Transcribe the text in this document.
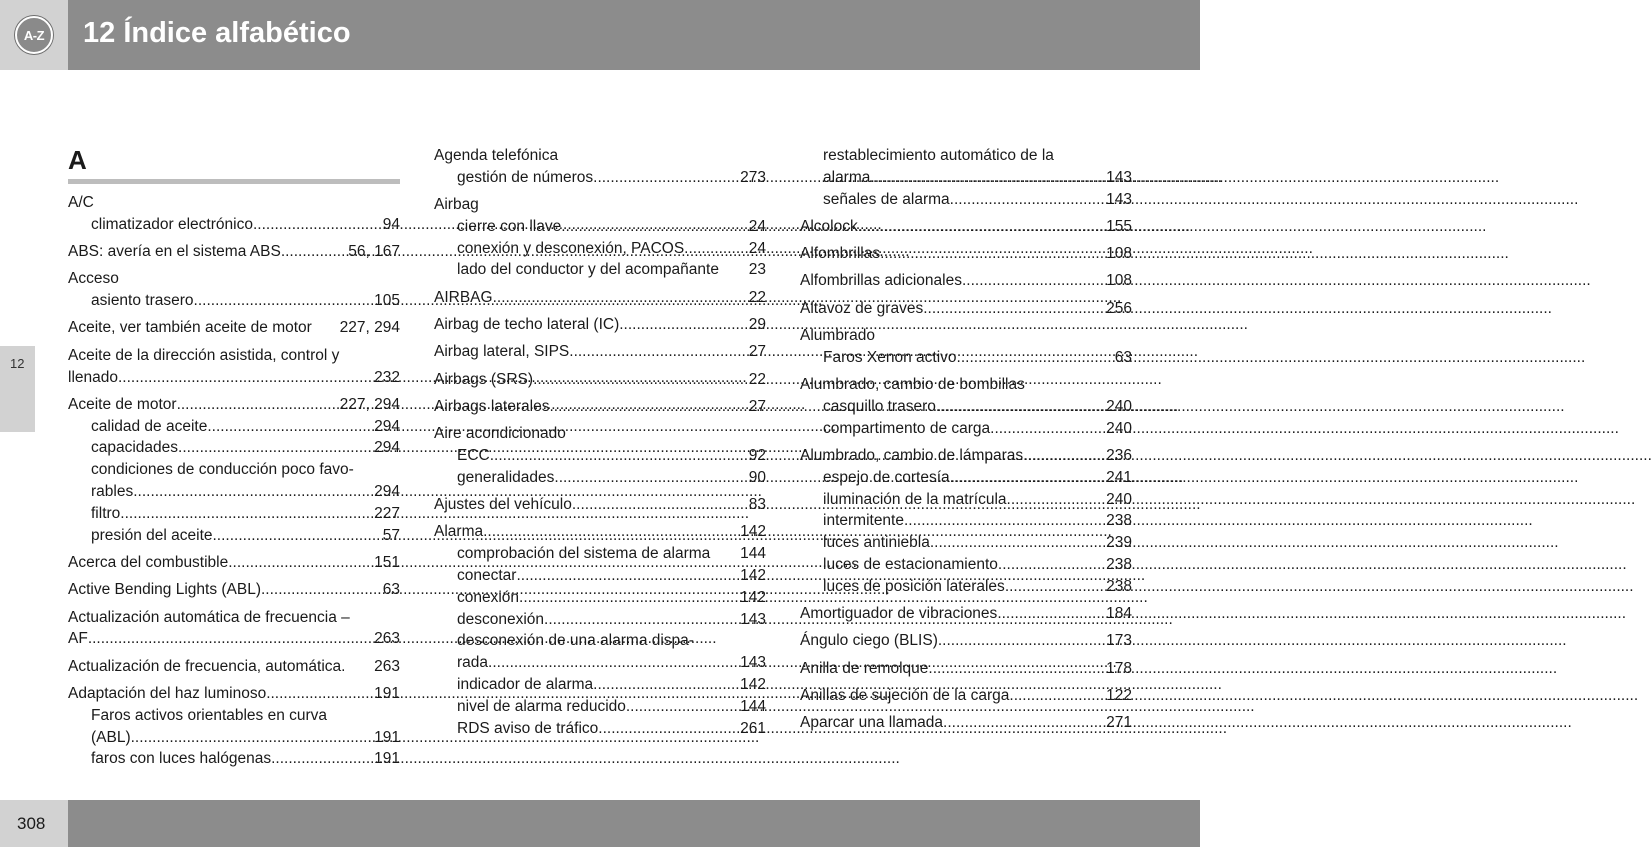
A-Z	12 Índice alfabético
12
A
A/C
climatizador electrónico .....	94
ABS: avería en el sistema ABS .....	56, 167
Acceso
asiento trasero .....	105
Aceite, ver también aceite de motor	227, 294
Aceite de la dirección asistida, control y
llenado .....	232
Aceite de motor .....	227, 294
calidad de aceite .....	294
capacidades .....	294
condiciones de conducción poco favo-
rables .....	294
filtro .....	227
presión del aceite .....	57
Acerca del combustible .....	151
Active Bending Lights (ABL) .....	63
Actualización automática de frecuencia –
AF .....	263
Actualización de frecuencia, automática.	263
Adaptación del haz luminoso .....	191
Faros activos orientables en curva
(ABL) .....	191
faros con luces halógenas .....	191
Agenda telefónica
gestión de números .....	273
Airbag
cierre con llave .....	24
conexión y desconexión, PACOS .....	24
lado del conductor y del acompañante	23
AIRBAG .....	22
Airbag de techo lateral (IC) .....	29
Airbag lateral, SIPS .....	27
Airbags (SRS) .....	22
Airbags laterales .....	27
Aire acondicionado
ECC .....	92
generalidades .....	90
Ajustes del vehículo .....	83
Alarma .....	142
comprobación del sistema de alarma	144
conectar .....	142
conexión .....	142
desconexión .....	143
desconexión de una alarma dispa-
rada .....	143
indicador de alarma .....	142
nivel de alarma reducido .....	144
RDS aviso de tráfico .....	261
restablecimiento automático de la
alarma .....	143
señales de alarma .....	143
Alcolock .....	155
Alfombrillas .....	108
Alfombrillas adicionales .....	108
Altavoz de graves .....	256
Alumbrado
Faros Xenon activo .....	63
Alumbrado, cambio de bombillas
casquillo trasero .....	240
compartimento de carga .....	240
Alumbrado, cambio de lámparas .....	236
espejo de cortesía .....	241
iluminación de la matrícula .....	240
intermitente .....	238
luces antiniebla .....	239
luces de estacionamiento .....	238
luces de posición laterales .....	238
Amortiguador de vibraciones .....	184
Ángulo ciego (BLIS) .....	173
Anilla de remolque .....	178
Anillas de sujeción de la carga .....	122
Aparcar una llamada .....	271
308
